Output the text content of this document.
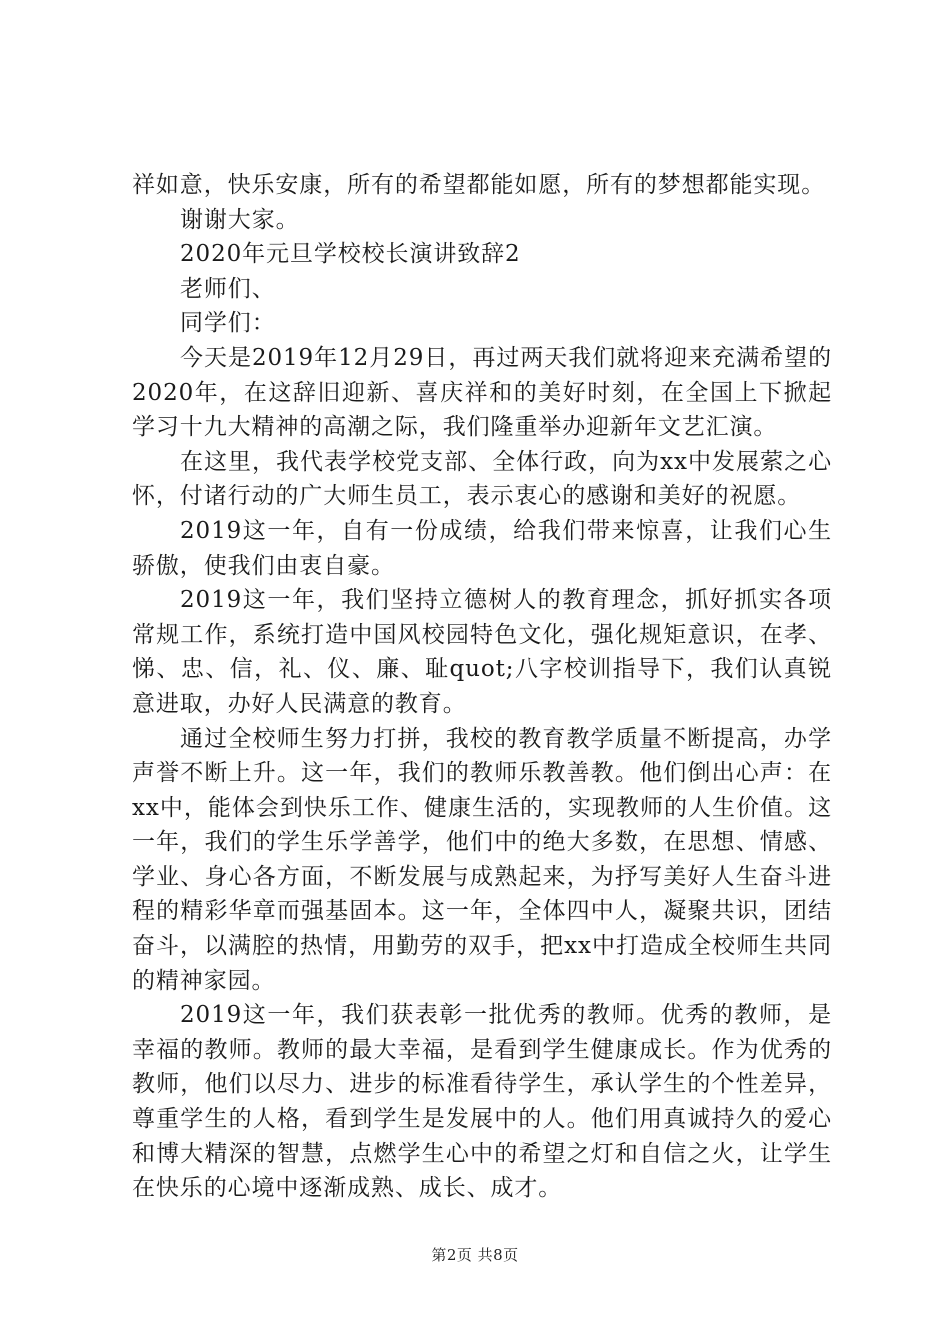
祥如意，快乐安康，所有的希望都能如愿，所有的梦想都能实现。

谢谢大家。

2020年元旦学校校长演讲致辞2

老师们、

同学们：

今天是2019年12月29日，再过两天我们就将迎来充满希望的2020年，在这辞旧迎新、喜庆祥和的美好时刻，在全国上下掀起学习十九大精神的高潮之际，我们隆重举办迎新年文艺汇演。

在这里，我代表学校党支部、全体行政，向为xx中发展萦之心怀，付诸行动的广大师生员工，表示衷心的感谢和美好的祝愿。

2019这一年，自有一份成绩，给我们带来惊喜，让我们心生骄傲，使我们由衷自豪。

2019这一年，我们坚持立德树人的教育理念，抓好抓实各项常规工作，系统打造中国风校园特色文化，强化规矩意识，在孝、悌、忠、信，礼、仪、廉、耻quot;八字校训指导下，我们认真锐意进取，办好人民满意的教育。

通过全校师生努力打拼，我校的教育教学质量不断提高，办学声誉不断上升。这一年，我们的教师乐教善教。他们倒出心声：在xx中，能体会到快乐工作、健康生活的，实现教师的人生价值。这一年，我们的学生乐学善学，他们中的绝大多数，在思想、情感、学业、身心各方面，不断发展与成熟起来，为抒写美好人生奋斗进程的精彩华章而强基固本。这一年，全体四中人，凝聚共识，团结奋斗，以满腔的热情，用勤劳的双手，把xx中打造成全校师生共同的精神家园。

2019这一年，我们获表彰一批优秀的教师。优秀的教师，是幸福的教师。教师的最大幸福，是看到学生健康成长。作为优秀的教师，他们以尽力、进步的标准看待学生，承认学生的个性差异，尊重学生的人格，看到学生是发展中的人。他们用真诚持久的爱心和博大精深的智慧，点燃学生心中的希望之灯和自信之火，让学生在快乐的心境中逐渐成熟、成长、成才。

第2页 共8页
